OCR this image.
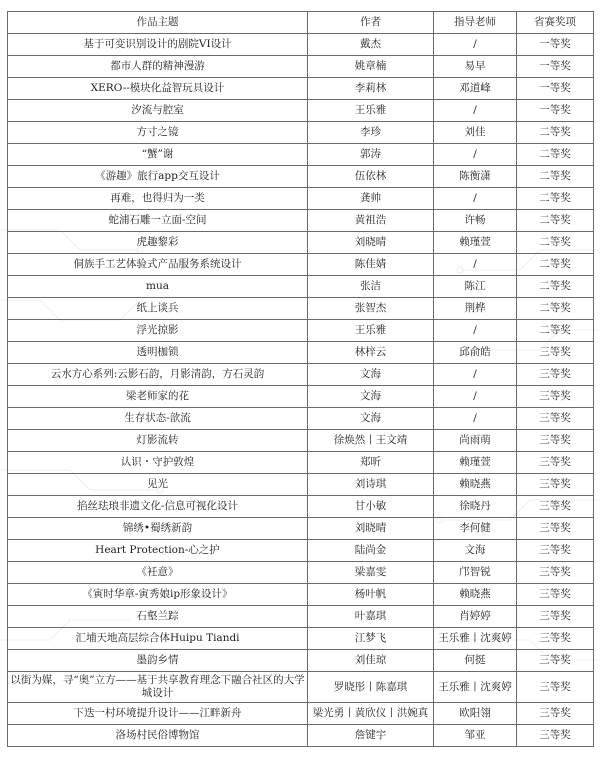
作品主题	作者	指导老师	省赛奖项
基于可变识别设计的剧院VI设计	戴杰	/	一等奖
都市人群的精神漫游	姚章楠	易早	一等奖
XERO--模块化益智玩具设计	李莉林	邓道峰	一等奖
汐流与腔室	王乐雅	/	一等奖
方寸之镜	李珍	刘佳	二等奖
“蟹”谢	郭涛	/	二等奖
《游趣》旅行app交互设计	伍依林	陈衡潇	二等奖
再难，也得归为一类	龚帅	/	二等奖
蛇浦石雕一立面-空间	黄祖浩	许畅	二等奖
虎趣黎彩	刘晓晴	赖瑾萱	二等奖
侗族手工艺体验式产品服务系统设计	陈佳婧	/	二等奖
mua	张洁	陈江	二等奖
纸上谈兵	张智杰	荆桦	二等奖
浮光掠影	王乐雅	/	二等奖
透明枷锁	林梓云	邱俞皓	三等奖
云水方心系列:云影石韵，月影清韵，方石灵韵	文海	/	三等奖
梁老师家的花	文海	/	三等奖
生存状态-歆流	文海	/	三等奖
灯影流转	徐焕然丨王文靖	尚雨萌	三等奖
认识・守护敦煌	郑昕	赖瑾萱	三等奖
见光	刘诗琪	赖晓燕	三等奖
掐丝珐琅非遗文化-信息可视化设计	甘小敏	徐晓丹	三等奖
锦绣•蜀绣新韵	刘晓晴	李何健	三等奖
Heart Protection-心之护	陆尚金	文海	三等奖
《衽意》	梁嘉雯	邝智锐	三等奖
《寅时华章-寅秀娘ip形象设计》	杨叶帆	赖晓燕	三等奖
石壑兰踪	叶嘉琪	肖婷婷	三等奖
汇埔天地高层综合体Huipu Tiandi	江梦飞	王乐雅丨沈爽婷	三等奖
墨韵乡情	刘佳琼	何挺	三等奖
以街为媒，寻“奥”立方——基于共享教育理念下融合社区的大学城设计	罗晓彤丨陈嘉琪	王乐雅丨沈爽婷	三等奖
下迭一村环境提升设计——江畔新舟	梁光勇丨黄欣仪丨洪婉真	欧阳翎	三等奖
洛场村民俗博物馆	詹键宇	邹亚	三等奖
